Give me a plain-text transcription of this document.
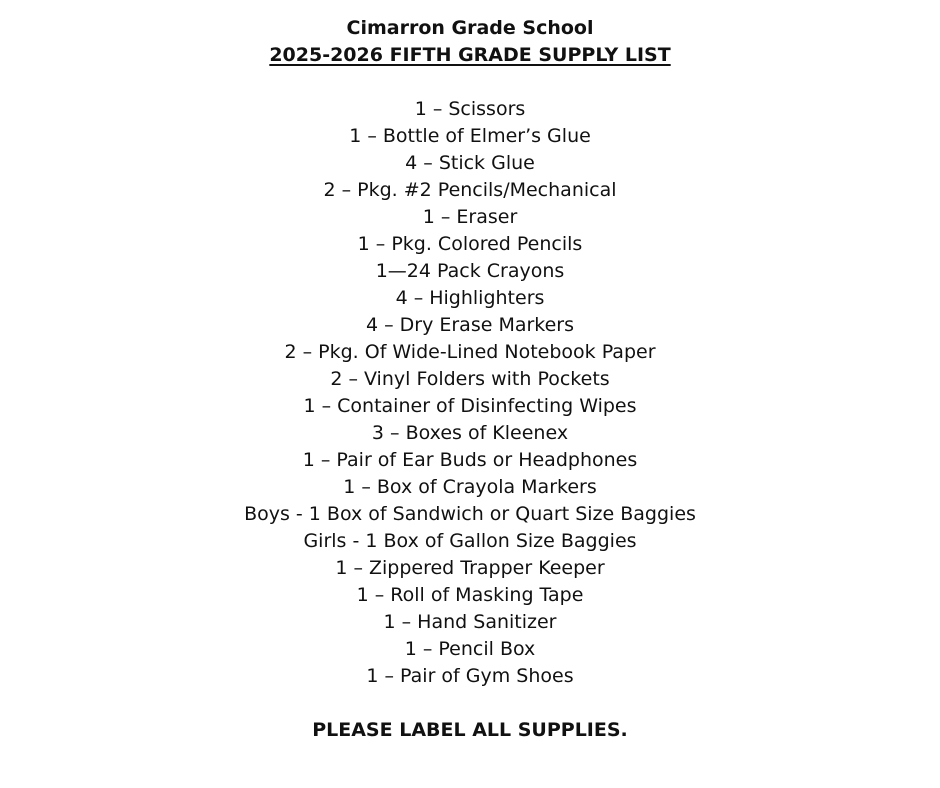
Cimarron Grade School
2025-2026 FIFTH GRADE SUPPLY LIST
1 – Scissors
1 – Bottle of Elmer’s Glue
4 – Stick Glue
2 – Pkg. #2 Pencils/Mechanical
1 – Eraser
1 – Pkg. Colored Pencils
1—24 Pack Crayons
4 – Highlighters
4 – Dry Erase Markers
2 – Pkg. Of Wide-Lined Notebook Paper
2 – Vinyl Folders with Pockets
1 – Container of Disinfecting Wipes
3 – Boxes of Kleenex
1 – Pair of Ear Buds or Headphones
1 – Box of Crayola Markers
Boys - 1 Box of Sandwich or Quart Size Baggies
Girls - 1 Box of Gallon Size Baggies
1 – Zippered Trapper Keeper
1 – Roll of Masking Tape
1 – Hand Sanitizer
1 – Pencil Box
1 – Pair of Gym Shoes
PLEASE LABEL ALL SUPPLIES.
